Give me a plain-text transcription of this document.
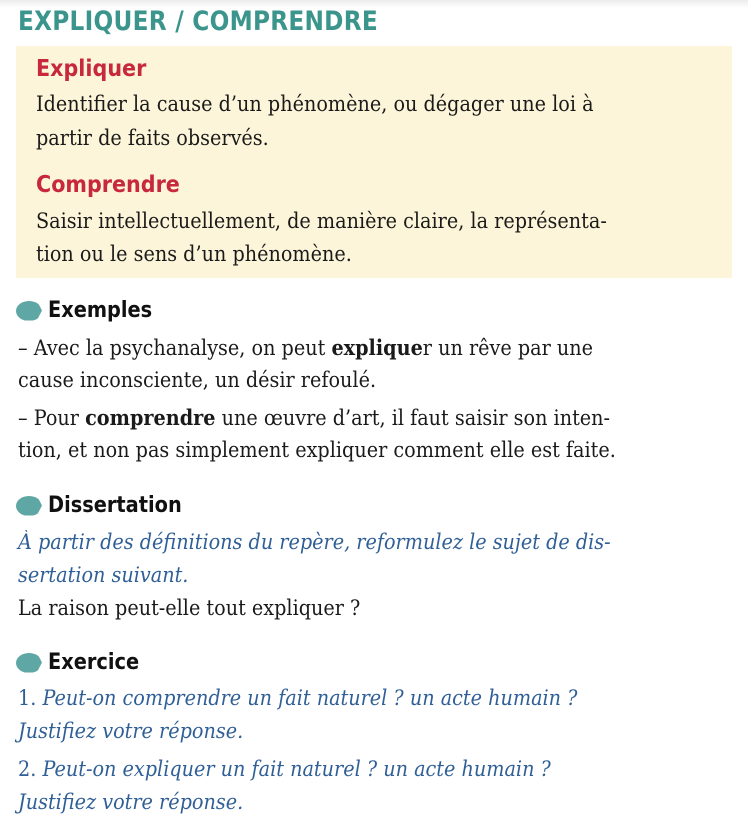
EXPLIQUER / COMPRENDRE
Expliquer
Identifier la cause d’un phénomène, ou dégager une loi à
partir de faits observés.
Comprendre
Saisir intellectuellement, de manière claire, la représenta-
tion ou le sens d’un phénomène.
Exemples
– Avec la psychanalyse, on peut expliquer un rêve par une
cause inconsciente, un désir refoulé.
– Pour comprendre une œuvre d’art, il faut saisir son inten-
tion, et non pas simplement expliquer comment elle est faite.
Dissertation
À partir des définitions du repère, reformulez le sujet de dis-
sertation suivant.
La raison peut-elle tout expliquer ?
Exercice
1. Peut-on comprendre un fait naturel ? un acte humain ?
Justifiez votre réponse.
2. Peut-on expliquer un fait naturel ? un acte humain ?
Justifiez votre réponse.
